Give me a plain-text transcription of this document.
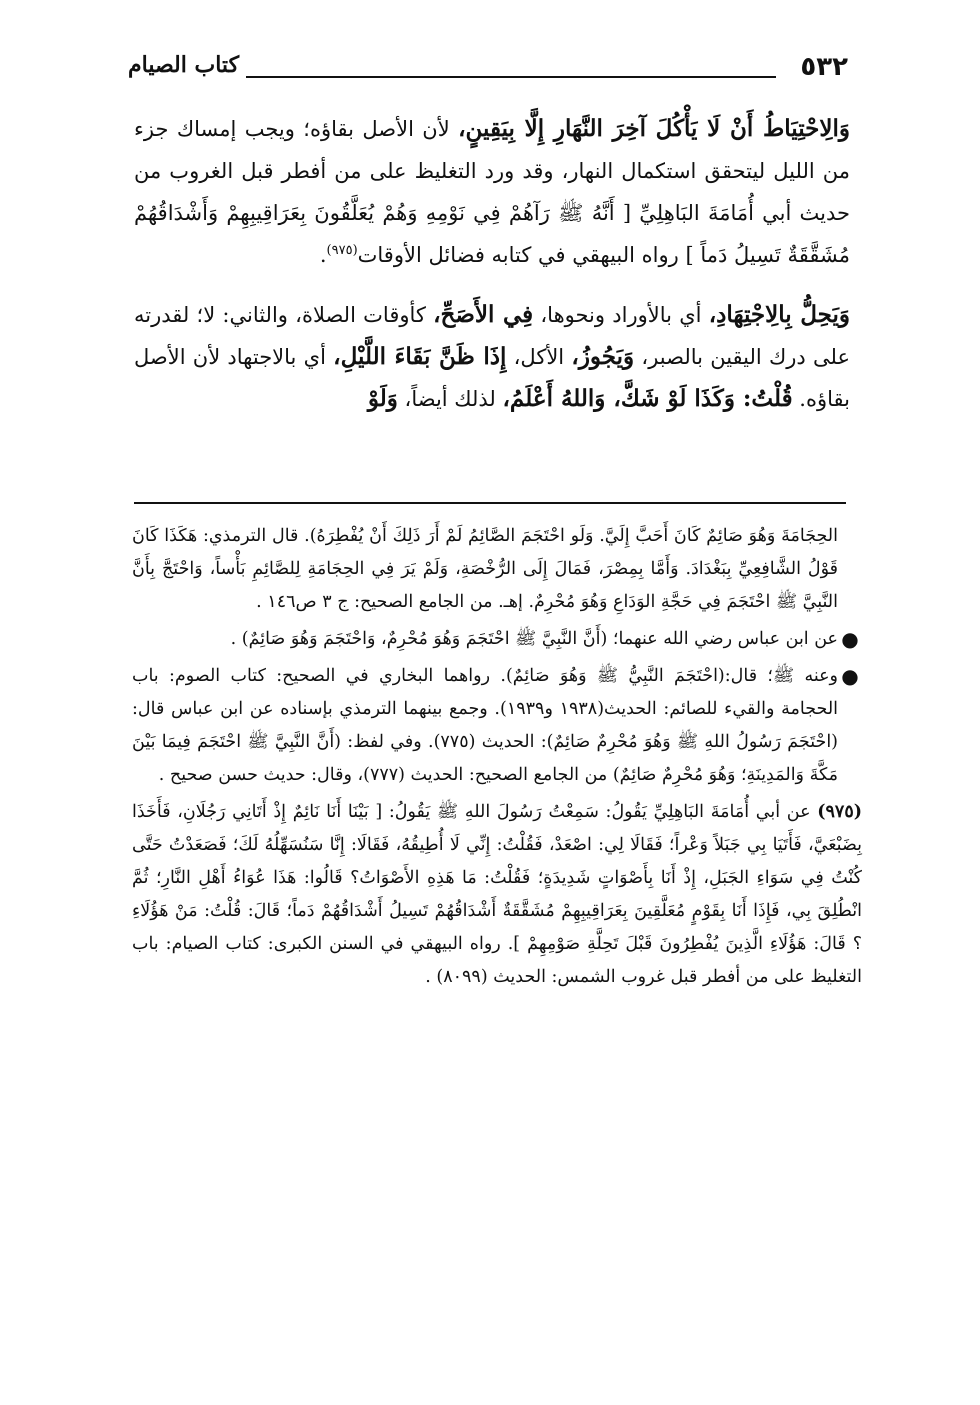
٥٣٢
كتاب الصيام

وَالِاحْتِيَاطُ أَنْ لَا يَأْكُلَ آخِرَ النَّهَارِ إِلَّا بِيَقِينٍ، لأن الأصل بقاؤه؛ ويجب إمساك جزء من الليل ليتحقق استكمال النهار، وقد ورد التغليظ على من أفطر قبل الغروب من حديث أبي أُمَامَةَ البَاهِلِيِّ [ أَنَّهُ ﷺ رَآهُمْ فِي نَوْمِهِ وَهُمْ يُعَلَّقُونَ بِعَرَاقِيبِهِمْ وَأَشْدَاقُهُمْ مُشَقَّقَةٌ تَسِيلُ دَماً ] رواه البيهقي في كتابه فضائل الأوقات$^{(٩٧٥)}$.

وَيَحِلُّ بِالِاجْتِهَادِ، أي بالأوراد ونحوها، فِي الأَصَحِّ، كأوقات الصلاة، والثاني: لا؛ لقدرته على درك اليقين بالصبر، وَيَجُوزُ، الأكل، إِذَا ظَنَّ بَقَاءَ اللَّيْلِ، أي بالاجتهاد لأن الأصل بقاؤه. قُلْتُ: وَكَذَا لَوْ شَكَّ، وَاللهُ أَعْلَمُ، لذلك أيضاً، وَلَوْ

الحِجَامَةَ وَهُوَ صَائِمٌ كَانَ أَحَبَّ إِلَيَّ. وَلَو احْتَجَمَ الصَّائِمُ لَمْ أَرَ ذَلِكَ أَنْ يُفْطِرَهُ). قال الترمذي: هَكَذَا كَانَ قَوْلُ الشَّافِعِيِّ بِبَغْدَادَ. وَأَمَّا بِمِصْرَ، فَمَالَ إِلَى الرُّخْصَةِ، وَلَمْ يَرَ فِي الحِجَامَةِ لِلصَّائِمِ بَأْساً، وَاحْتَجَّ بِأَنَّ النَّبِيَّ ﷺ احْتَجَمَ فِي حَجَّةِ الوَدَاعِ وَهُوَ مُحْرِمٌ. إهـ. من الجامع الصحيح: ج ٣ ص١٤٦ .

●
عن ابن عباس رضي الله عنهما؛ (أَنَّ النَّبِيَّ ﷺ احْتَجَمَ وَهُوَ مُحْرِمٌ، وَاحْتَجَمَ وَهُوَ صَائِمٌ) .
●
وعنه ﷺ؛ قال:(احْتَجَمَ النَّبِيُّ ﷺ وَهُوَ صَائِمٌ). رواهما البخاري في الصحيح: كتاب الصوم: باب الحجامة والقيء للصائم: الحديث(١٩٣٨ و١٩٣٩). وجمع بينهما الترمذي بإسناده عن ابن عباس قال: (احْتَجَمَ رَسُولُ اللهِ ﷺ وَهُوَ مُحْرِمٌ صَائِمٌ): الحديث (٧٧٥). وفي لفظ: (أَنَّ النَّبِيَّ ﷺ احْتَجَمَ فِيمَا بَيْنَ مَكَّةَ وَالمَدِينَةِ؛ وَهُوَ مُحْرِمٌ صَائِمٌ) من الجامع الصحيح: الحديث (٧٧٧)، وقال: حديث حسن صحيح .

(٩٧٥) عن أبي أُمَامَةَ البَاهِلِيِّ يَقُولُ: سَمِعْتُ رَسُولَ اللهِ ﷺ يَقُولُ: [ بَيْنَا أَنَا نَائِمٌ إِذْ أَتَانِي رَجُلَانِ، فَأَخَذَا بِضَبْعَيَّ، فَأَتَيَا بِي جَبَلاً وَعْراً؛ فَقَالَا لِي: اصْعَدْ، فَقُلْتُ: إِنِّي لَا أُطِيقُهُ، فَقَالَا: إِنَّا سَنُسَهِّلُهُ لَكَ؛ فَصَعَدْتُ حَتَّى كُنْتُ فِي سَوَاءِ الجَبَلِ، إِذْ أَنَا بِأَصْوَاتٍ شَدِيدَةٍ؛ فَقُلْتُ: مَا هَذِهِ الأَصْوَاتُ؟ قَالُوا: هَذَا عُوَاءُ أَهْلِ النَّارِ؛ ثُمَّ انْطُلِقَ بِي، فَإِذَا أَنَا بِقَوْمٍ مُعَلَّقِينَ بِعَرَاقِيبِهِمْ مُشَقَّقَةٌ أَشْدَاقُهُمْ تَسِيلُ أَشْدَاقُهُمْ دَماً؛ قَالَ: قُلْتُ: مَنْ هَؤُلَاءِ ؟ قَالَ: هَؤُلَاءِ الَّذِينَ يُفْطِرُونَ قَبْلَ تَحِلَّةِ صَوْمِهِمْ ]. رواه البيهقي في السنن الكبرى: كتاب الصيام: باب التغليظ على من أفطر قبل غروب الشمس: الحديث (٨٠٩٩) .
